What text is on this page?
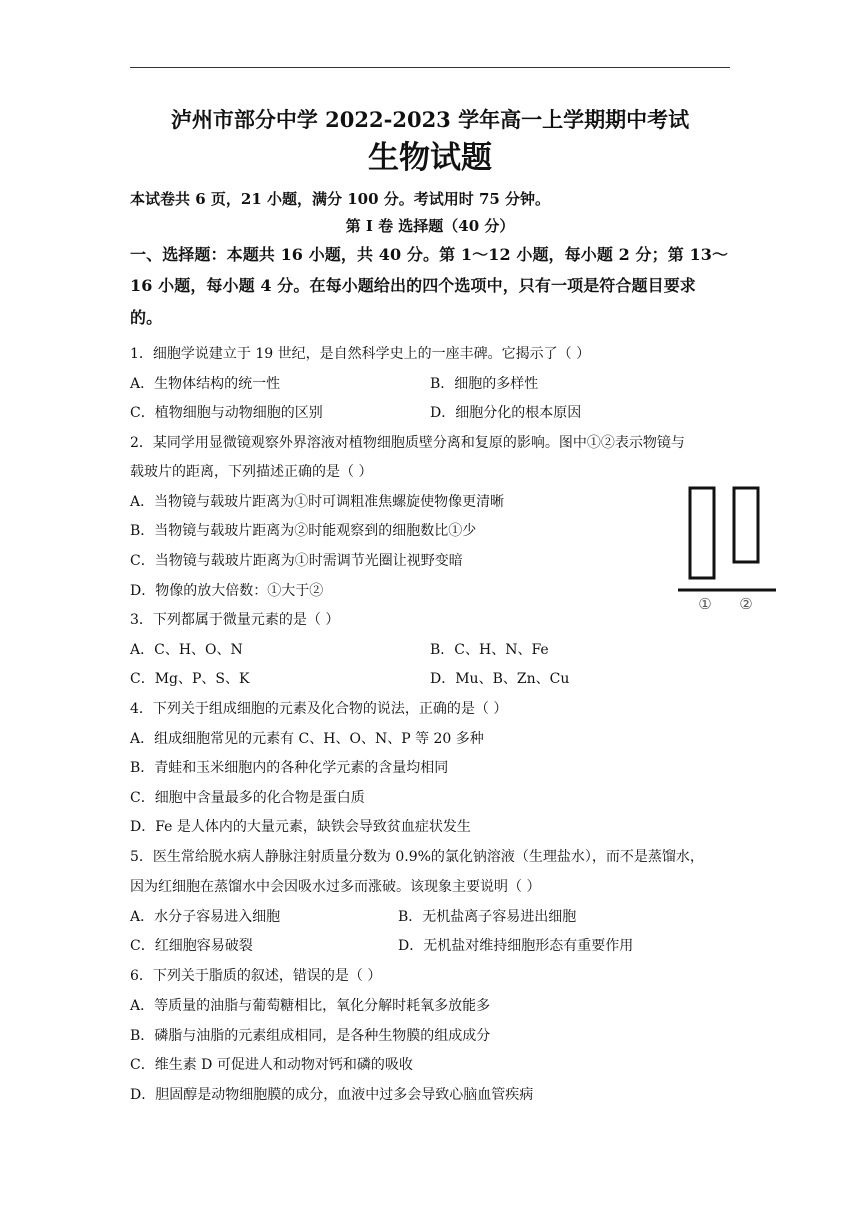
泸州市部分中学 2022-2023 学年高一上学期期中考试
生物试题
本试卷共 6 页，21 小题，满分 100 分。考试用时 75 分钟。
第 I 卷 选择题（40 分）
一、选择题：本题共 16 小题，共 40 分。第 1～12 小题，每小题 2 分；第 13～
16 小题，每小题 4 分。在每小题给出的四个选项中，只有一项是符合题目要求
的。
1．细胞学说建立于 19 世纪，是自然科学史上的一座丰碑。它揭示了（ ）
A．生物体结构的统一性	B．细胞的多样性
C．植物细胞与动物细胞的区别	D．细胞分化的根本原因
2．某同学用显微镜观察外界溶液对植物细胞质壁分离和复原的影响。图中①②表示物镜与
载玻片的距离，下列描述正确的是（ ）
A．当物镜与载玻片距离为①时可调粗准焦螺旋使物像更清晰
B．当物镜与载玻片距离为②时能观察到的细胞数比①少
C．当物镜与载玻片距离为①时需调节光圈让视野变暗
D．物像的放大倍数：①大于②
① ②
3．下列都属于微量元素的是（ ）
A．C、H、O、N	B．C、H、N、Fe
C．Mg、P、S、K	D．Mu、B、Zn、Cu
4．下列关于组成细胞的元素及化合物的说法，正确的是（ ）
A．组成细胞常见的元素有 C、H、O、N、P 等 20 多种
B．青蛙和玉米细胞内的各种化学元素的含量均相同
C．细胞中含量最多的化合物是蛋白质
D．Fe 是人体内的大量元素，缺铁会导致贫血症状发生
5．医生常给脱水病人静脉注射质量分数为 0.9%的氯化钠溶液（生理盐水），而不是蒸馏水，
因为红细胞在蒸馏水中会因吸水过多而涨破。该现象主要说明（ ）
A．水分子容易进入细胞	B．无机盐离子容易进出细胞
C．红细胞容易破裂	D．无机盐对维持细胞形态有重要作用
6．下列关于脂质的叙述，错误的是（ ）
A．等质量的油脂与葡萄糖相比，氧化分解时耗氧多放能多
B．磷脂与油脂的元素组成相同，是各种生物膜的组成成分
C．维生素 D 可促进人和动物对钙和磷的吸收
D．胆固醇是动物细胞膜的成分，血液中过多会导致心脑血管疾病
